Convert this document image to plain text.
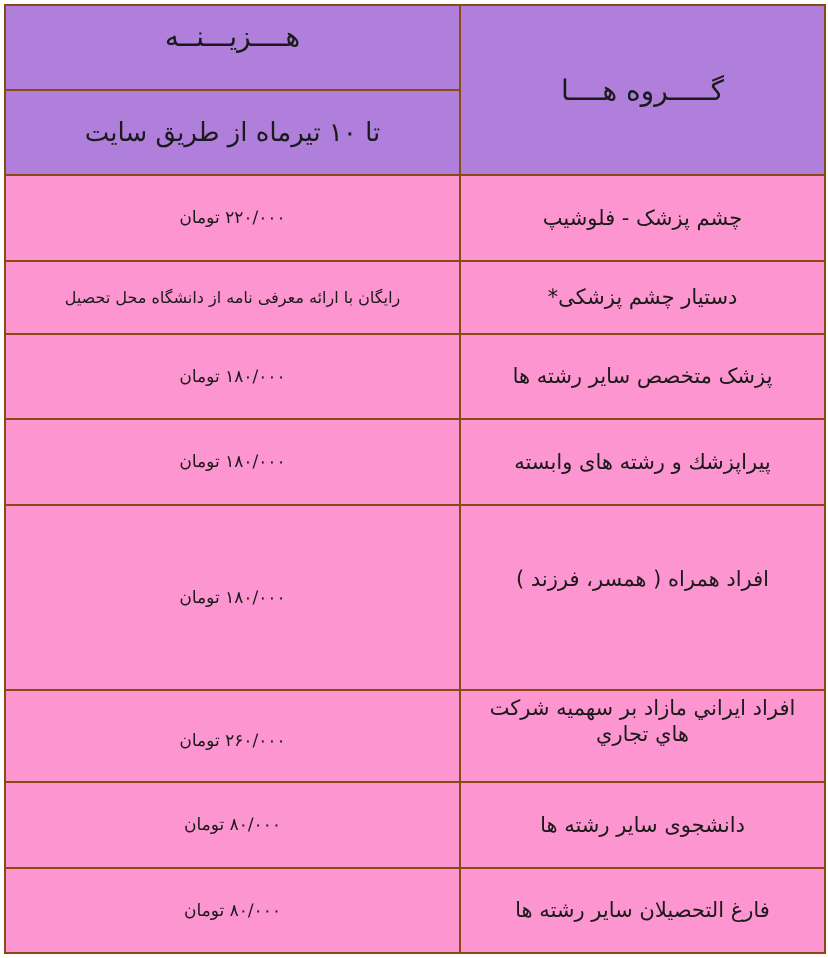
هــــزیـــنــه	گـــــروه هــــا
تا ۱۰ تیرماه از طریق سایت	
۲۲۰/۰۰۰ تومان	چشم پزشک - فلوشیپ
رایگان با ارائه معرفی نامه از دانشگاه محل تحصیل	دستیار چشم پزشکی*
۱۸۰/۰۰۰ تومان	پزشک متخصص سایر رشته ها
۱۸۰/۰۰۰ تومان	پیراپزشك و رشته های وابسته
۱۸۰/۰۰۰ تومان	افراد همراه ( همسر، فرزند )
۲۶۰/۰۰۰ تومان	افراد ايراني مازاد بر سهميه شركت هاي تجاري
۸۰/۰۰۰ تومان	دانشجوی سایر رشته ها
۸۰/۰۰۰ تومان	فارغ التحصیلان سایر رشته ها
